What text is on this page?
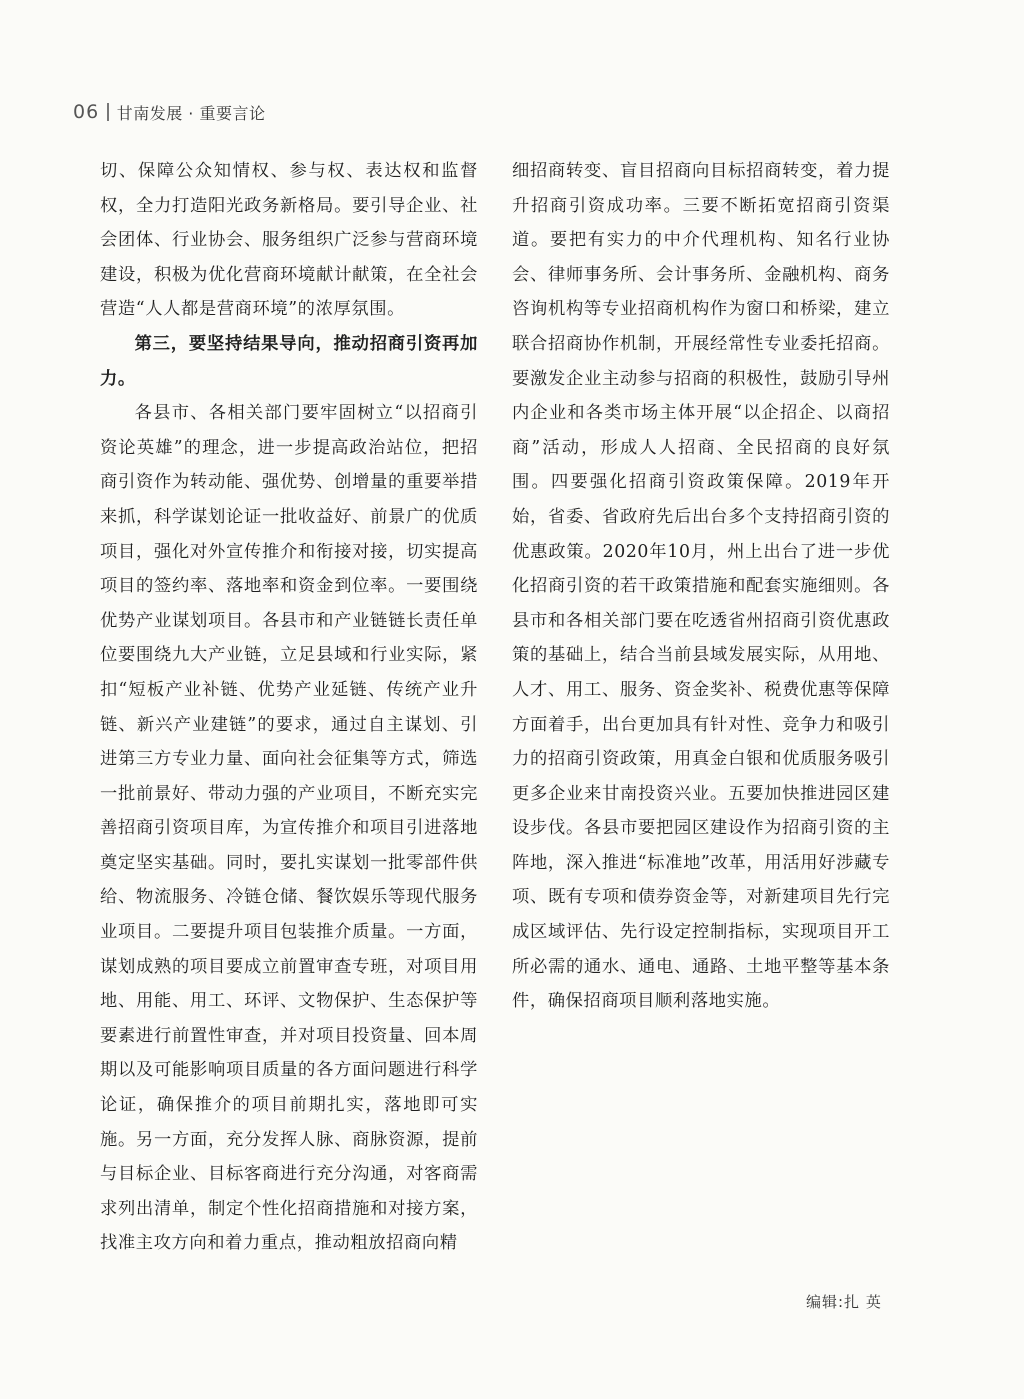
06 甘南发展 · 重要言论

切、保障公众知情权、参与权、表达权和监督权，全力打造阳光政务新格局。要引导企业、社会团体、行业协会、服务组织广泛参与营商环境建设，积极为优化营商环境献计献策，在全社会营造“人人都是营商环境”的浓厚氛围。

第三，要坚持结果导向，推动招商引资再加力。

各县市、各相关部门要牢固树立“以招商引资论英雄”的理念，进一步提高政治站位，把招商引资作为转动能、强优势、创增量的重要举措来抓，科学谋划论证一批收益好、前景广的优质项目，强化对外宣传推介和衔接对接，切实提高项目的签约率、落地率和资金到位率。一要围绕优势产业谋划项目。各县市和产业链链长责任单位要围绕九大产业链，立足县域和行业实际，紧扣“短板产业补链、优势产业延链、传统产业升链、新兴产业建链”的要求，通过自主谋划、引进第三方专业力量、面向社会征集等方式，筛选一批前景好、带动力强的产业项目，不断充实完善招商引资项目库，为宣传推介和项目引进落地奠定坚实基础。同时，要扎实谋划一批零部件供给、物流服务、冷链仓储、餐饮娱乐等现代服务业项目。二要提升项目包装推介质量。一方面，谋划成熟的项目要成立前置审查专班，对项目用地、用能、用工、环评、文物保护、生态保护等要素进行前置性审查，并对项目投资量、回本周期以及可能影响项目质量的各方面问题进行科学论证，确保推介的项目前期扎实，落地即可实施。另一方面，充分发挥人脉、商脉资源，提前与目标企业、目标客商进行充分沟通，对客商需求列出清单，制定个性化招商措施和对接方案，找准主攻方向和着力重点，推动粗放招商向精

细招商转变、盲目招商向目标招商转变，着力提升招商引资成功率。三要不断拓宽招商引资渠道。要把有实力的中介代理机构、知名行业协会、律师事务所、会计事务所、金融机构、商务咨询机构等专业招商机构作为窗口和桥梁，建立联合招商协作机制，开展经常性专业委托招商。要激发企业主动参与招商的积极性，鼓励引导州内企业和各类市场主体开展“以企招企、以商招商”活动，形成人人招商、全民招商的良好氛围。四要强化招商引资政策保障。2019年开始，省委、省政府先后出台多个支持招商引资的优惠政策。2020年10月，州上出台了进一步优化招商引资的若干政策措施和配套实施细则。各县市和各相关部门要在吃透省州招商引资优惠政策的基础上，结合当前县域发展实际，从用地、人才、用工、服务、资金奖补、税费优惠等保障方面着手，出台更加具有针对性、竞争力和吸引力的招商引资政策，用真金白银和优质服务吸引更多企业来甘南投资兴业。五要加快推进园区建设步伐。各县市要把园区建设作为招商引资的主阵地，深入推进“标准地”改革，用活用好涉藏专项、既有专项和债券资金等，对新建项目先行完成区域评估、先行设定控制指标，实现项目开工所必需的通水、通电、通路、土地平整等基本条件，确保招商项目顺利落地实施。

编辑:扎 英
